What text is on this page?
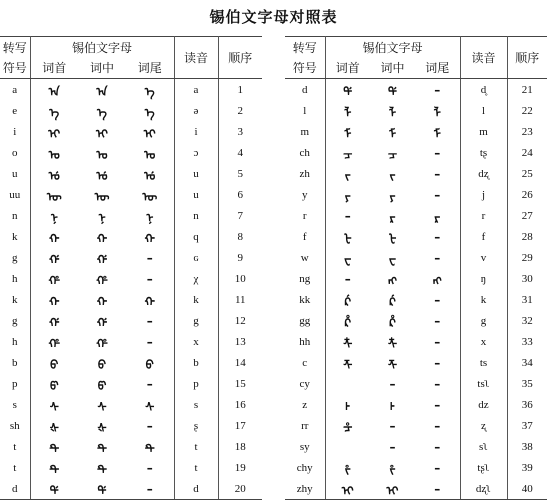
锡伯文字母对照表
转写	锡伯文字母			读音	顺序
符号	词首	词中	词尾		
a	ᠠ	ᠠ	ᡝ	a	1
e	ᡝ	ᡝ	ᡝ	ə	2
i	ᡳ	ᡳ	ᡳ	i	3
o	ᠣ	ᠣ	ᠣ	ɔ	4
u	ᡠ	ᡠ	ᡠ	u	5
uu	ᡡ	ᡡ	ᡡ	u	6
n	ᠨ	ᠨ	ᠨ	n	7
k	ᡴ	ᡴ	ᡴ	q	8
g	ᡤ	ᡤ	–	ɢ	9
h	ᡥ	ᡥ	–	χ	10
k	ᡴ	ᡴ	ᡴ	k	11
g	ᡤ	ᡤ	–	g	12
h	ᡥ	ᡥ	–	x	13
b	ᠪ	ᠪ	ᠪ	b	14
p	ᡦ	ᡦ	–	p	15
s	ᠰ	ᠰ	ᠰ	s	16
sh	ᡧ	ᡧ	–	ʂ	17
t	ᡨ	ᡨ	ᡨ	t	18
t	ᡨ	ᡨ	–	t	19
d	ᡩ	ᡩ	–	d	20
转写	锡伯文字母			读音	顺序
符号	词首	词中	词尾		
d	ᡩ	ᡩ	–	d̥	21
l	ᠯ	ᠯ	ᠯ	l	22
m	ᠮ	ᠮ	ᠮ	m	23
ch	ᠴ	ᠴ	–	tʂ	24
zh	ᠵ	ᠵ	–	dʐ	25
y	ᠶ	ᠶ	–	j	26
r	–	ᡵ	ᡵ	r	27
f	ᡶ	ᡶ	–	f	28
w	ᠸ	ᠸ	–	v	29
ng	–	ᠩ	ᠩ	ŋ	30
kk	ᡬ	ᡬ	–	k	31
gg	ᡭ	ᡭ	–	g	32
hh	ᡮ	ᡮ	–	x	33
c	ᡯ	ᡯ	–	ts	34
cy		–	–	tsʅ	35
z	ᡰ	ᡰ	–	dz	36
rr	ᡱ	–	–	ʐ	37
sy		–	–	sʅ	38
chy	ᡲ	ᡲ	–	tʂʅ	39
zhy	ᡳ	ᡳ	–	dʐʅ	40
